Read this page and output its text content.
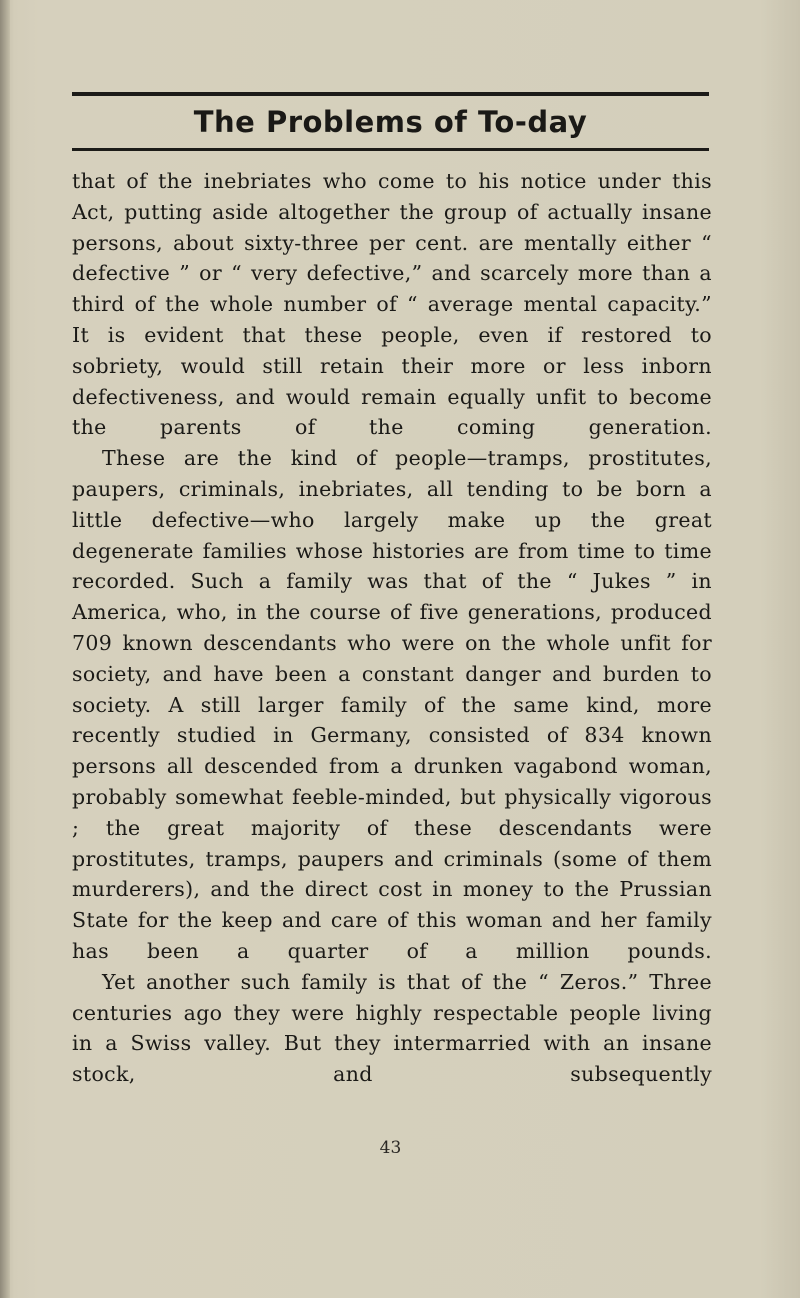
The Problems of To-day

that of the inebriates who come to his notice under this Act, putting aside altogether the group of actually insane persons, about sixty-three per cent. are mentally either “ defective ” or “ very defective,” and scarcely more than a third of the whole number of “ average mental capacity.” It is evident that these people, even if restored to sobriety, would still retain their more or less inborn defectiveness, and would remain equally unfit to become the parents of the coming generation.

These are the kind of people—tramps, prostitutes, paupers, criminals, inebriates, all tending to be born a little defective—who largely make up the great degenerate families whose histories are from time to time recorded. Such a family was that of the “ Jukes ” in America, who, in the course of five generations, produced 709 known descendants who were on the whole unfit for society, and have been a constant danger and burden to society. A still larger family of the same kind, more recently studied in Germany, consisted of 834 known persons all descended from a drunken vagabond woman, probably somewhat feeble-minded, but physically vigorous ; the great majority of these descendants were prostitutes, tramps, paupers and criminals (some of them murderers), and the direct cost in money to the Prussian State for the keep and care of this woman and her family has been a quarter of a million pounds.

Yet another such family is that of the “ Zeros.” Three centuries ago they were highly respectable people living in a Swiss valley. But they intermarried with an insane stock, and subsequently

43
